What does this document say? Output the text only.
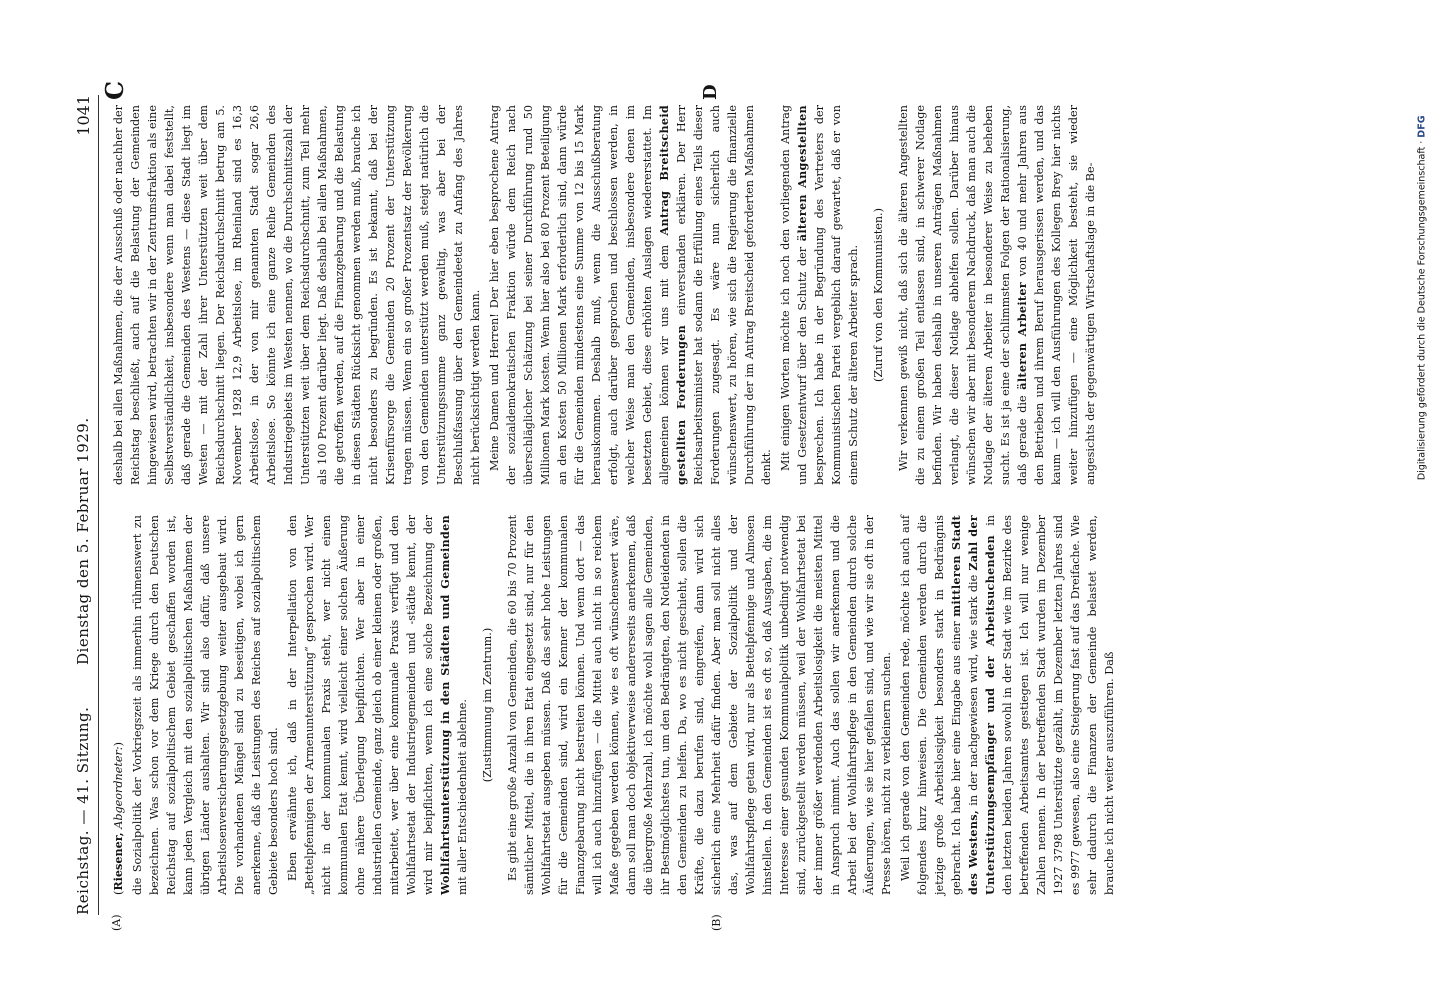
Reichstag. — 41. Sitzung.
Dienstag den 5. Februar 1929.
1041
(A)	(B)
C	D

(Riesener, Abgeordneter:) die Sozialpolitik der Vorkriegszeit als immerhin rühmenswert zu bezeichnen. Was schon vor dem Kriege durch den Deutschen Reichstag auf sozialpolitischem Gebiet geschaffen worden ist, kann jeden Vergleich mit den sozialpolitischen Maßnahmen der übrigen Länder aushalten. Wir sind also dafür, daß unsere Arbeitslosenversicherungsgesetzgebung weiter ausgebaut wird. Die vorhandenen Mängel sind zu beseitigen, wobei ich gern anerkenne, daß die Leistungen des Reiches auf sozialpolitischem Gebiete besonders hoch sind. Eben erwähnte ich, daß in der Interpellation von den „Bettelpfennigen der Armenunterstützung“ gesprochen wird. Wer nicht in der kommunalen Praxis steht, wer nicht einen kommunalen Etat kennt, wird vielleicht einer solchen Äußerung ohne nähere Überlegung beipflichten. Wer aber in einer industriellen Gemeinde, ganz gleich ob einer kleinen oder großen, mitarbeitet, wer über eine kommunale Praxis verfügt und den Wohlfahrtsetat der Industriegemeinden und -städte kennt, der wird mir beipflichten, wenn ich eine solche Bezeichnung der Wohlfahrtsunterstützung in den Städten und Gemeinden mit aller Entschiedenheit ablehne. (Zustimmung im Zentrum.) Es gibt eine große Anzahl von Gemeinden, die 60 bis 70 Prozent sämtlicher Mittel, die in ihren Etat eingesetzt sind, nur für den Wohlfahrtsetat ausgeben müssen. Daß das sehr hohe Leistungen für die Gemeinden sind, wird ein Kenner der kommunalen Finanzgebarung nicht bestreiten können. Und wenn dort — das will ich auch hinzufügen — die Mittel auch nicht in so reichem Maße gegeben werden können, wie es oft wünschenswert wäre, dann soll man doch objektiverweise andererseits anerkennen, daß die übergroße Mehrzahl, ich möchte wohl sagen alle Gemeinden, ihr Bestmöglichstes tun, um den Bedrängten, den Notleidenden in den Gemeinden zu helfen. Da, wo es nicht geschieht, sollen die Kräfte, die dazu berufen sind, eingreifen, dann wird sich sicherlich eine Mehrheit dafür finden. Aber man soll nicht alles das, was auf dem Gebiete der Sozialpolitik und der Wohlfahrtspflege getan wird, nur als Bettelpfennige und Almosen hinstellen. In den Gemeinden ist es oft so, daß Ausgaben, die im Interesse einer gesunden Kommunalpolitik unbedingt notwendig sind, zurückgestellt werden müssen, weil der Wohlfahrtsetat bei der immer größer werdenden Arbeitslosigkeit die meisten Mittel in Anspruch nimmt. Auch das sollen wir anerkennen und die Arbeit bei der Wohlfahrtspflege in den Gemeinden durch solche Äußerungen, wie sie hier gefallen sind, und wie wir sie oft in der Presse hören, nicht zu verkleinern suchen. Weil ich gerade von den Gemeinden rede, möchte ich auch auf folgendes kurz hinweisen. Die Gemeinden werden durch die jetzige große Arbeitslosigkeit besonders stark in Bedrängnis gebracht. Ich habe hier eine Eingabe aus einer mittleren Stadt des Westens, in der nachgewiesen wird, wie stark die Zahl der Unterstützungsempfänger und der Arbeitsuchenden in den letzten beiden Jahren sowohl in der Stadt wie im Bezirke des betreffenden Arbeitsamtes gestiegen ist. Ich will nur wenige Zahlen nennen. In der betreffenden Stadt wurden im Dezember 1927 3798 Unterstützte gezählt, im Dezember letzten Jahres sind es 9977 gewesen, also eine Steigerung fast auf das Dreifache. Wie sehr dadurch die Finanzen der Gemeinde belastet werden, brauche ich nicht weiter auszuführen. Daß

deshalb bei allen Maßnahmen, die der Ausschuß oder nachher der Reichstag beschließt, auch auf die Belastung der Gemeinden hingewiesen wird, betrachten wir in der Zentrumsfraktion als eine Selbstverständlichkeit, insbesondere wenn man dabei feststellt, daß gerade die Gemeinden des Westens — diese Stadt liegt im Westen — mit der Zahl ihrer Unterstützten weit über dem Reichsdurchschnitt liegen. Der Reichsdurchschnitt betrug am 5. November 1928 12,9 Arbeitslose, im Rheinland sind es 16,3 Arbeitslose, in der von mir genannten Stadt sogar 26,6 Arbeitslose. So könnte ich eine ganze Reihe Gemeinden des Industriegebiets im Westen nennen, wo die Durchschnittszahl der Unterstützten weit über dem Reichsdurchschnitt, zum Teil mehr als 100 Prozent darüber liegt. Daß deshalb bei allen Maßnahmen, die getroffen werden, auf die Finanzgebarung und die Belastung in diesen Städten Rücksicht genommen werden muß, brauche ich nicht besonders zu begründen. Es ist bekannt, daß bei der Krisenfürsorge die Gemeinden 20 Prozent der Unterstützung tragen müssen. Wenn ein so großer Prozentsatz der Bevölkerung von den Gemeinden unterstützt werden muß, steigt natürlich die Unterstützungssumme ganz gewaltig, was aber bei der Beschlußfassung über den Gemeindeetat zu Anfang des Jahres nicht berücksichtigt werden kann. Meine Damen und Herren! Der hier eben besprochene Antrag der sozialdemokratischen Fraktion würde dem Reich nach überschläglicher Schätzung bei seiner Durchführung rund 50 Millionen Mark kosten. Wenn hier also bei 80 Prozent Beteiligung an den Kosten 50 Millionen Mark erforderlich sind, dann würde für die Gemeinden mindestens eine Summe von 12 bis 15 Mark herauskommen. Deshalb muß, wenn die Ausschußberatung erfolgt, auch darüber gesprochen und beschlossen werden, in welcher Weise man den Gemeinden, insbesondere denen im besetzten Gebiet, diese erhöhten Auslagen wiedererstattet. Im allgemeinen können wir uns mit dem Antrag Breitscheid gestellten Forderungen einverstanden erklären. Der Herr Reichsarbeitsminister hat sodann die Erfüllung eines Teils dieser Forderungen zugesagt. Es wäre nun sicherlich auch wünschenswert, zu hören, wie sich die Regierung die finanzielle Durchführung der im Antrag Breitscheid geforderten Maßnahmen denkt. Mit einigen Worten möchte ich noch den vorliegenden Antrag und Gesetzentwurf über den Schutz der älteren Angestellten besprechen. Ich habe in der Begründung des Vertreters der Kommunistischen Partei vergeblich darauf gewartet, daß er von einem Schutz der älteren Arbeiter sprach. (Zuruf von den Kommunisten.) Wir verkennen gewiß nicht, daß sich die älteren Angestellten die zu einem großen Teil entlassen sind, in schwerer Notlage befinden. Wir haben deshalb in unseren Anträgen Maßnahmen verlangt, die dieser Notlage abhelfen sollen. Darüber hinaus wünschen wir aber mit besonderem Nachdruck, daß man auch die Notlage der älteren Arbeiter in besonderer Weise zu beheben sucht. Es ist ja eine der schlimmsten Folgen der Rationalisierung, daß gerade die älteren Arbeiter von 40 und mehr Jahren aus den Betrieben und ihrem Beruf herausgerissen werden, und das kaum — ich will den Ausführungen des Kollegen Brey hier nichts weiter hinzufügen — eine Möglichkeit besteht, sie wieder angesichts der gegenwärtigen Wirtschaftslage in die Be-	Digitalisierung gefördert durch die Deutsche Forschungsgemeinschaft · DFG
